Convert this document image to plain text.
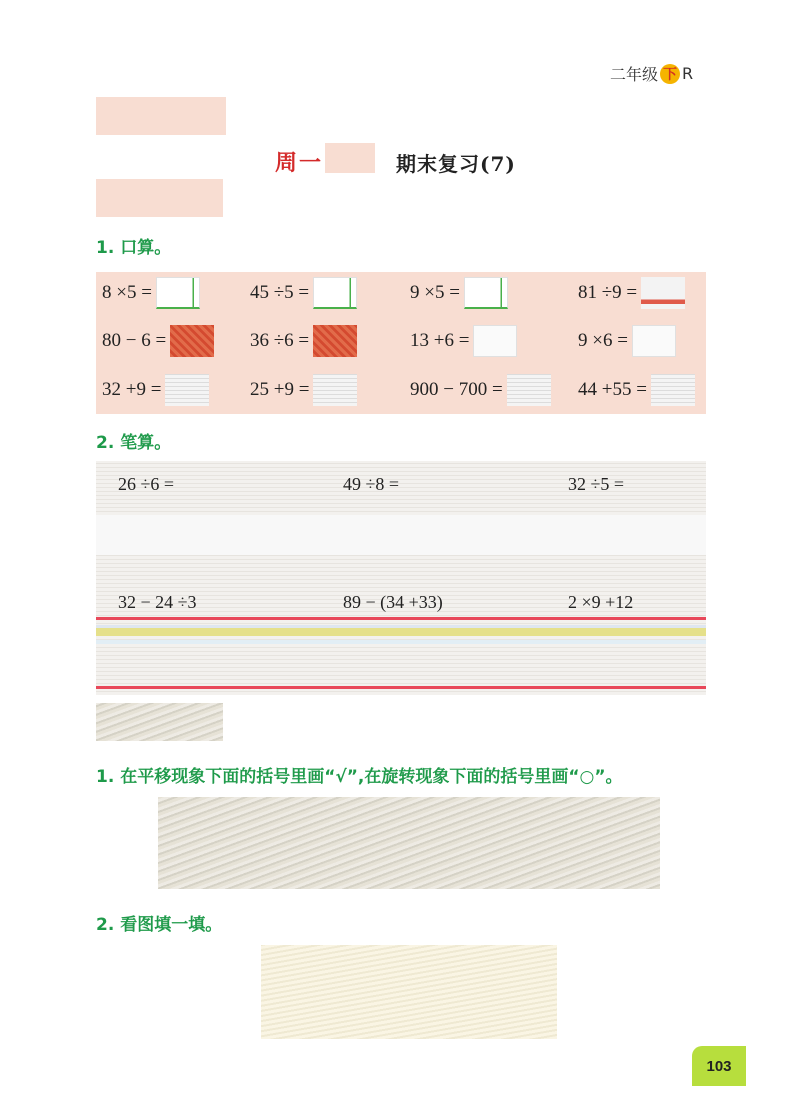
二年级 下 R
周一	期末复习(7)
1. 口算。
8 ×5 =	45 ÷5 =	9 ×5 =	81 ÷9 =
80 − 6 =	36 ÷6 =	13 +6 =	9 ×6 =
32 +9 =	25 +9 =	900 − 700 =	44 +55 =
2. 笔算。
26 ÷6 =	49 ÷8 =	32 ÷5 =
32 − 24 ÷3	89 − (34 +33)	2 ×9 +12
1. 在平移现象下面的括号里画“√”,在旋转现象下面的括号里画“○”。
2. 看图填一填。
103
